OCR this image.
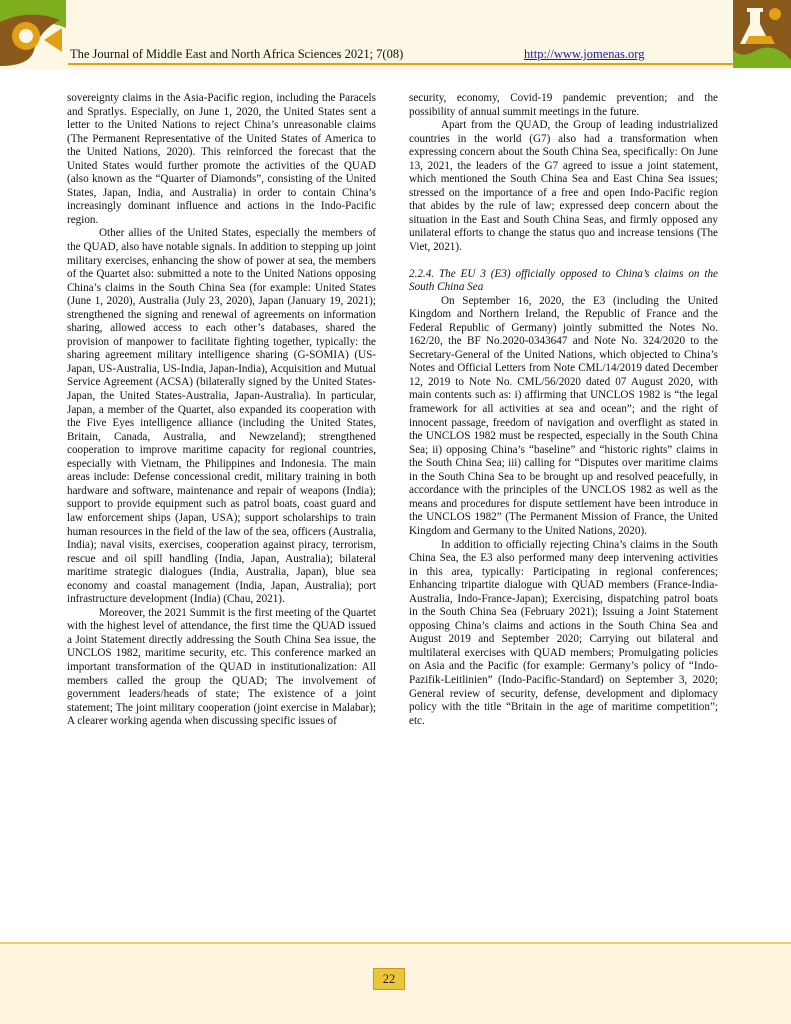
The Journal of Middle East and North Africa Sciences 2021; 7(08)	http://www.jomenas.org

sovereignty claims in the Asia-Pacific region, including the Paracels and Spratlys. Especially, on June 1, 2020, the United States sent a letter to the United Nations to reject China’s unreasonable claims (The Permanent Representative of the United States of America to the United Nations, 2020). This reinforced the forecast that the United States would further promote the activities of the QUAD (also known as the “Quarter of Diamonds”, consisting of the United States, Japan, India, and Australia) in order to contain China’s increasingly dominant influence and actions in the Indo-Pacific region.

Other allies of the United States, especially the members of the QUAD, also have notable signals. In addition to stepping up joint military exercises, enhancing the show of power at sea, the members of the Quartet also: submitted a note to the United Nations opposing China’s claims in the South China Sea (for example: United States (June 1, 2020), Australia (July 23, 2020), Japan (January 19, 2021); strengthened the signing and renewal of agreements on information sharing, allowed access to each other’s databases, shared the provision of manpower to facilitate fighting together, typically: the sharing agreement military intelligence sharing (G-SOMIA) (US-Japan, US-Australia, US-India, Japan-India), Acquisition and Mutual Service Agreement (ACSA) (bilaterally signed by the United States-Japan, the United States-Australia, Japan-Australia). In particular, Japan, a member of the Quartet, also expanded its cooperation with the Five Eyes intelligence alliance (including the United States, Britain, Canada, Australia, and Newzeland); strengthened cooperation to improve maritime capacity for regional countries, especially with Vietnam, the Philippines and Indonesia. The main areas include: Defense concessional credit, military training in both hardware and software, maintenance and repair of weapons (India); support to provide equipment such as patrol boats, coast guard and law enforcement ships (Japan, USA); support scholarships to train human resources in the field of the law of the sea, officers (Australia, India); naval visits, exercises, cooperation against piracy, terrorism, rescue and oil spill handling (India, Japan, Australia); bilateral maritime strategic dialogues (India, Australia, Japan), blue sea economy and coastal management (India, Japan, Australia); port infrastructure development (India) (Chau, 2021).

Moreover, the 2021 Summit is the first meeting of the Quartet with the highest level of attendance, the first time the QUAD issued a Joint Statement directly addressing the South China Sea issue, the UNCLOS 1982, maritime security, etc. This conference marked an important transformation of the QUAD in institutionalization: All members called the group the QUAD; The involvement of government leaders/heads of state; The existence of a joint statement; The joint military cooperation (joint exercise in Malabar); A clearer working agenda when discussing specific issues of

security, economy, Covid-19 pandemic prevention; and the possibility of annual summit meetings in the future.

Apart from the QUAD, the Group of leading industrialized countries in the world (G7) also had a transformation when expressing concern about the South China Sea, specifically: On June 13, 2021, the leaders of the G7 agreed to issue a joint statement, which mentioned the South China Sea and East China Sea issues; stressed on the importance of a free and open Indo-Pacific region that abides by the rule of law; expressed deep concern about the situation in the East and South China Seas, and firmly opposed any unilateral efforts to change the status quo and increase tensions (The Viet, 2021).

2.2.4. The EU 3 (E3) officially opposed to China’s claims on the South China Sea

On September 16, 2020, the E3 (including the United Kingdom and Northern Ireland, the Republic of France and the Federal Republic of Germany) jointly submitted the Notes No. 162/20, the BF No.2020-0343647 and Note No. 324/2020 to the Secretary-General of the United Nations, which objected to China’s Notes and Official Letters from Note CML/14/2019 dated December 12, 2019 to Note No. CML/56/2020 dated 07 August 2020, with main contents such as: i) affirming that UNCLOS 1982 is “the legal framework for all activities at sea and ocean”; and the right of innocent passage, freedom of navigation and overflight as stated in the UNCLOS 1982 must be respected, especially in the South China Sea; ii) opposing China’s “baseline” and “historic rights” claims in the South China Sea; iii) calling for “Disputes over maritime claims in the South China Sea to be brought up and resolved peacefully, in accordance with the principles of the UNCLOS 1982 as well as the means and procedures for dispute settlement have been introduce in the UNCLOS 1982” (The Permanent Mission of France, the United Kingdom and Germany to the United Nations, 2020).

In addition to officially rejecting China’s claims in the South China Sea, the E3 also performed many deep intervening activities in this area, typically: Participating in regional conferences; Enhancing tripartite dialogue with QUAD members (France-India-Australia, Indo-France-Japan); Exercising, dispatching patrol boats in the South China Sea (February 2021); Issuing a Joint Statement opposing China’s claims and actions in the South China Sea and August 2019 and September 2020; Carrying out bilateral and multilateral exercises with QUAD members; Promulgating policies on Asia and the Pacific (for example: Germany’s policy of “Indo-Pazifik-Leitlinien” (Indo-Pacific-Standard) on September 3, 2020; General review of security, defense, development and diplomacy policy with the title “Britain in the age of maritime competition”; etc.

22
